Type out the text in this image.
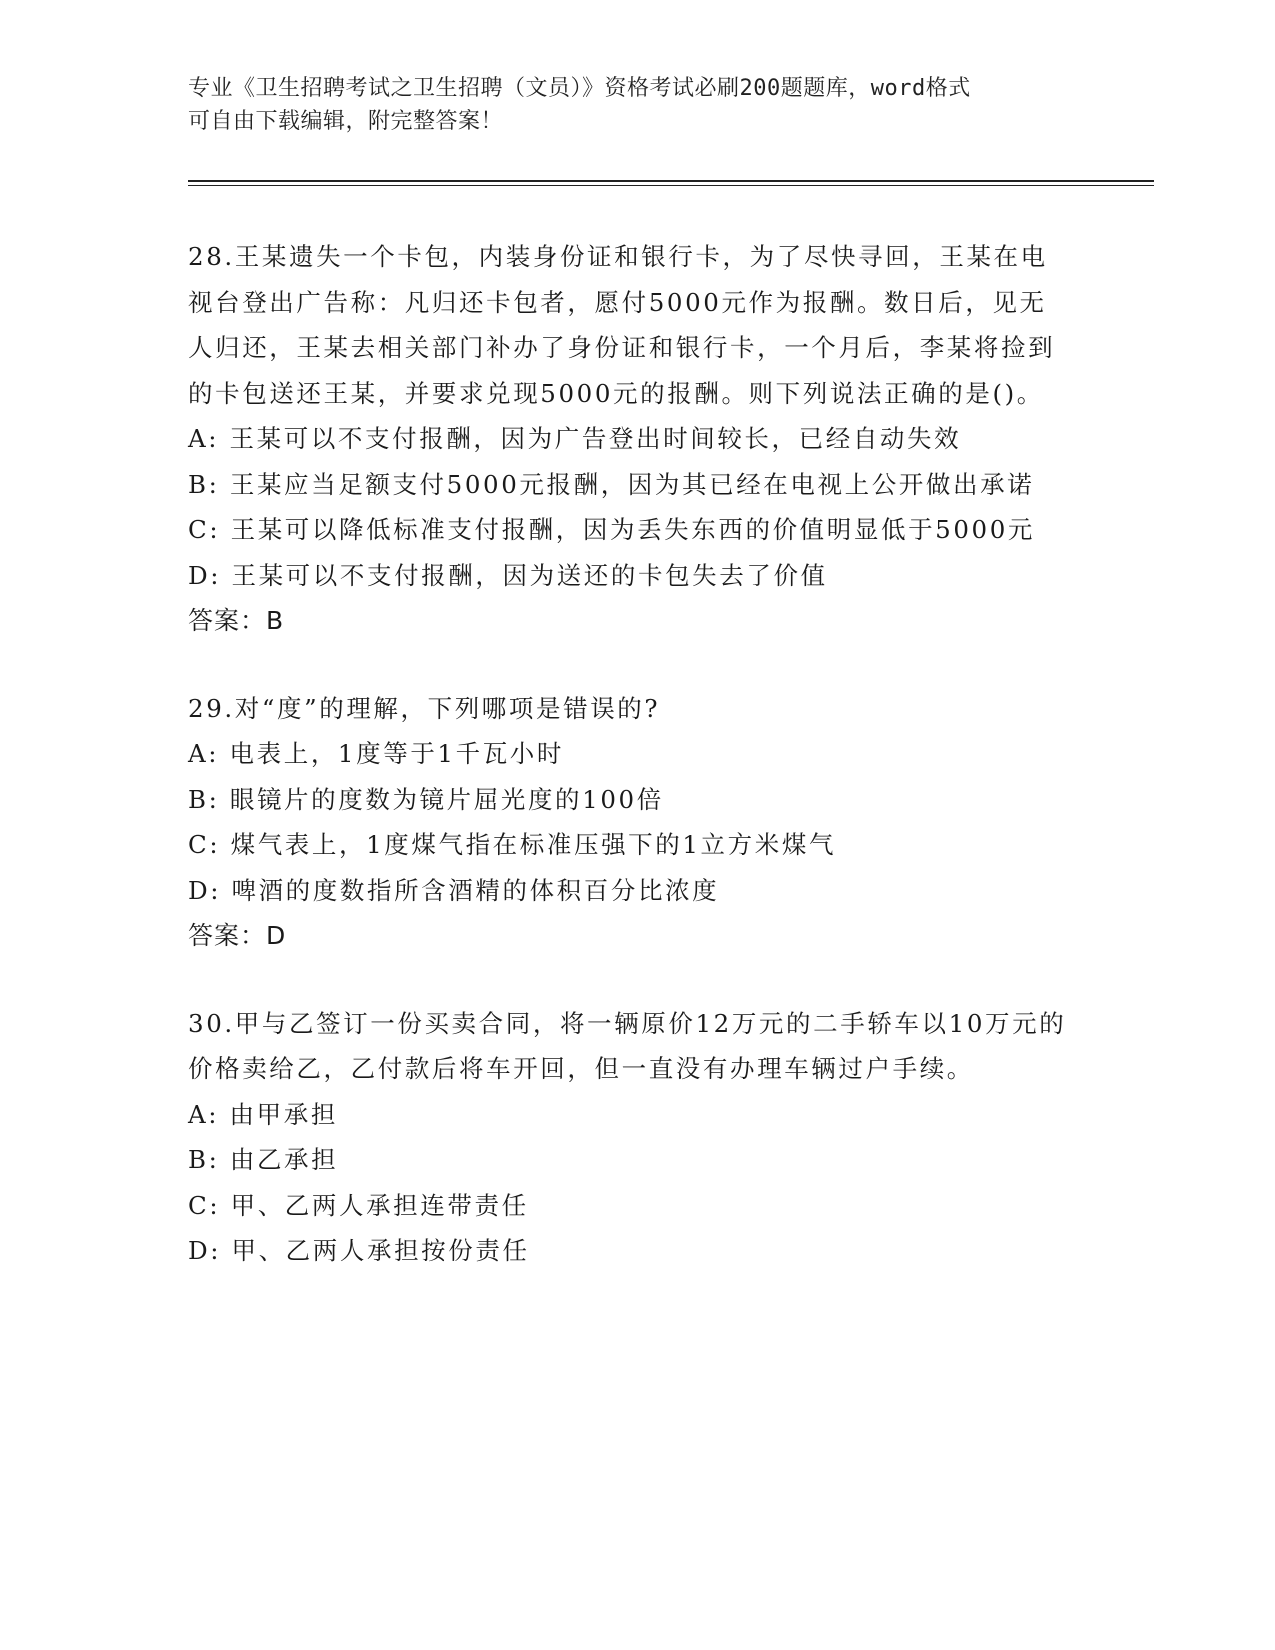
专业《卫生招聘考试之卫生招聘（文员）》资格考试必刷200题题库，word格式
可自由下载编辑，附完整答案！

28.王某遗失一个卡包，内装身份证和银行卡，为了尽快寻回，王某在电视台登出广告称：凡归还卡包者，愿付5000元作为报酬。数日后，见无人归还，王某去相关部门补办了身份证和银行卡，一个月后，李某将捡到的卡包送还王某，并要求兑现5000元的报酬。则下列说法正确的是()。

A: 王某可以不支付报酬，因为广告登出时间较长，已经自动失效

B: 王某应当足额支付5000元报酬，因为其已经在电视上公开做出承诺

C: 王某可以降低标准支付报酬，因为丢失东西的价值明显低于5000元

D: 王某可以不支付报酬，因为送还的卡包失去了价值

答案：B

29.对“度”的理解，下列哪项是错误的?

A: 电表上，1度等于1千瓦小时

B: 眼镜片的度数为镜片屈光度的100倍

C: 煤气表上，1度煤气指在标准压强下的1立方米煤气

D: 啤酒的度数指所含酒精的体积百分比浓度

答案：D

30.甲与乙签订一份买卖合同，将一辆原价12万元的二手轿车以10万元的价格卖给乙，乙付款后将车开回，但一直没有办理车辆过户手续。

A: 由甲承担

B: 由乙承担

C: 甲、乙两人承担连带责任

D: 甲、乙两人承担按份责任
